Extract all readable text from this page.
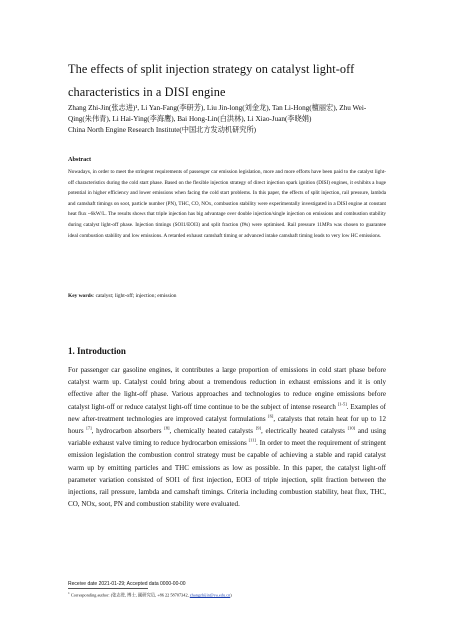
The effects of split injection strategy on catalyst light-off characteristics in a DISI engine
Zhang Zhi-Jin(张志进)¹, Li Yan-Fang(李研芳), Liu Jin-long(刘金龙), Tan Li-Hong(檀丽宏), Zhu Wei-Qing(朱伟青), Li Hai-Ying(李海鹰), Bai Hong-Lin(白洪林), Li Xiao-Juan(李晓娟)
China North Engine Research Institute(中国北方发动机研究所)
Abstract
Nowadays, in order to meet the stringent requirements of passenger car emission legislation, more and more efforts have been paid to the catalyst light-off characteristics during the cold start phase. Based on the flexible injection strategy of direct injection spark ignition (DISI) engines, it exhibits a huge potential in higher efficiency and lower emissions when facing the cold start problems. In this paper, the effects of split injection, rail pressure, lambda and camshaft timings on soot, particle number (PN), THC, CO, NOx, combustion stability were experimentally investigated in a DISI engine at constant heat flux ~6kW/L. The results shows that triple injection has big advantage over double injection/single injection on emissions and combustion stability during catalyst light-off phase. Injection timings (SOI1/EOI3) and split fraction (f#s) were optimised. Rail pressure 11MPa was chosen to guarantee ideal combustion stability and low emissions. A retarded exhaust camshaft timing or advanced intake camshaft timing leads to very low HC emissions.
Key words: catalyst; light-off; injection; emission
1. Introduction
For passenger car gasoline engines, it contributes a large proportion of emissions in cold start phase before catalyst warm up. Catalyst could bring about a tremendous reduction in exhaust emissions and it is only effective after the light-off phase. Various approaches and technologies to reduce engine emissions before catalyst light-off or reduce catalyst light-off time continue to be the subject of intense research [1-5]. Examples of new after-treatment technologies are improved catalyst formulations [6], catalysts that retain heat for up to 12 hours [7], hydrocarbon absorbers [8], chemically heated catalysts [9], electrically heated catalysts [10] and using variable exhaust valve timing to reduce hydrocarbon emissions [11]. In order to meet the requirement of stringent emission legislation the combustion control strategy must be capable of achieving a stable and rapid catalyst warm up by emitting particles and THC emissions as low as possible. In this paper, the catalyst light-off parameter variation consisted of SOI1 of first injection, EOI3 of triple injection, split fraction between the injections, rail pressure, lambda and camshaft timings. Criteria including combustion stability, heat flux, THC, CO, NOx, soot, PN and combustion stability were evaluated.
Receive date 2021-01-29; Accepted data 0000-00-00
$^1$ Corresponding author: (张志进, 博士, 副研究员, +86 22 58707342, zhangzhijin@ya.edu.cn)
